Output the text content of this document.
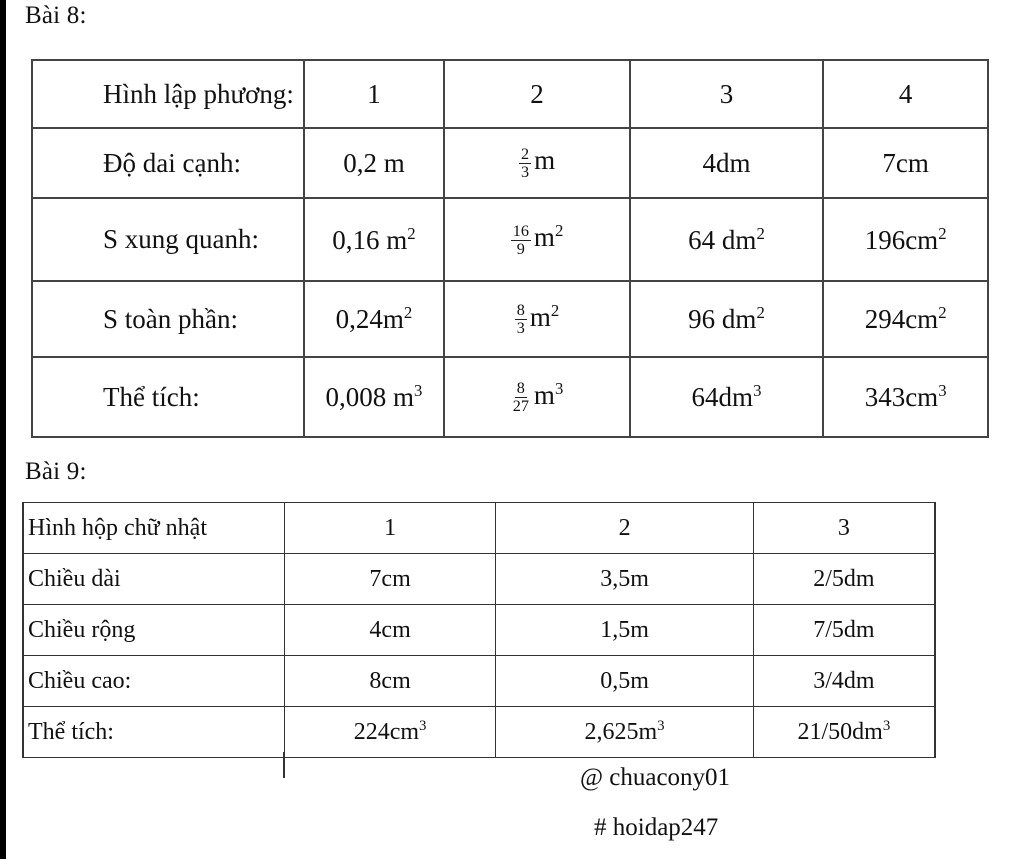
Bài 8:
Hình lập phương:	1	2	3	4
Độ dai cạnh:	0,2 m	$\frac{2}{3}$ m	4dm	7cm
S xung quanh:	0,16 $m^2$	$\frac{16}{9} m^2$	64 $dm^2$	$196cm^2$
S toàn phần:	$0,24m^2$	$\frac{8}{3} m^2$	96 $dm^2$	$294cm^2$
Thể tích:	0,008 $m^3$	$\frac{8}{27} m^3$	$64dm^3$	$343cm^3$
Bài 9:
Hình hộp chữ nhật	1	2	3
Chiều dài	7cm	3,5m	2/5dm
Chiều rộng	4cm	1,5m	7/5dm
Chiều cao:	8cm	0,5m	3/4dm
Thể tích:	$224cm^3$	$2,625m^3$	$21/50dm^3$
@ chuacony01
# hoidap247
